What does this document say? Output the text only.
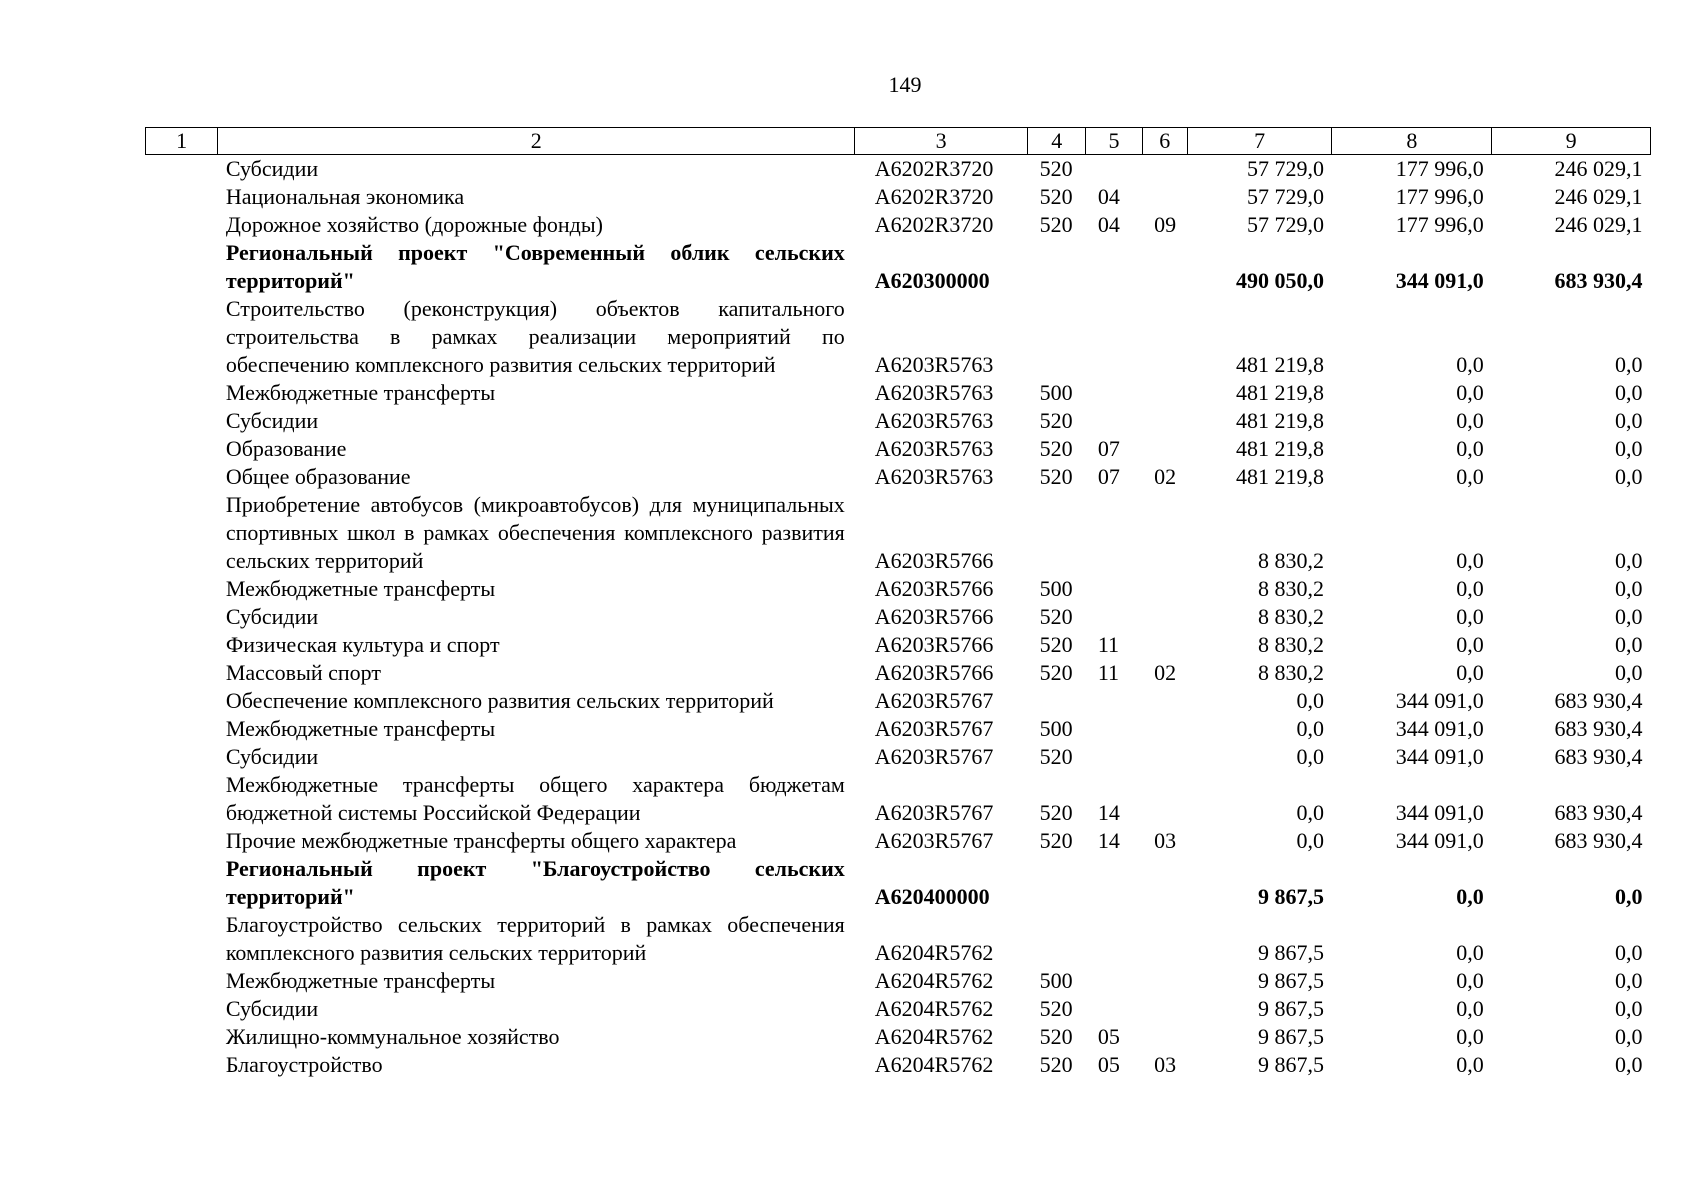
149
1	2	3	4	5	6	7	8	9
	Субсидии	А6202R3720	520			57 729,0	177 996,0	246 029,1
	Национальная экономика	А6202R3720	520	04		57 729,0	177 996,0	246 029,1
	Дорожное хозяйство (дорожные фонды)	А6202R3720	520	04	09	57 729,0	177 996,0	246 029,1
	Региональный проект "Современный облик сельских территорий"	А620300000				490 050,0	344 091,0	683 930,4
	Строительство (реконструкция) объектов капитального строительства в рамках реализации мероприятий по обеспечению комплексного развития сельских территорий	А6203R5763				481 219,8	0,0	0,0
	Межбюджетные трансферты	А6203R5763	500			481 219,8	0,0	0,0
	Субсидии	А6203R5763	520			481 219,8	0,0	0,0
	Образование	А6203R5763	520	07		481 219,8	0,0	0,0
	Общее образование	А6203R5763	520	07	02	481 219,8	0,0	0,0
	Приобретение автобусов (микроавтобусов) для муниципальных спортивных школ в рамках обеспечения комплексного развития сельских территорий	А6203R5766				8 830,2	0,0	0,0
	Межбюджетные трансферты	А6203R5766	500			8 830,2	0,0	0,0
	Субсидии	А6203R5766	520			8 830,2	0,0	0,0
	Физическая культура и спорт	А6203R5766	520	11		8 830,2	0,0	0,0
	Массовый спорт	А6203R5766	520	11	02	8 830,2	0,0	0,0
	Обеспечение комплексного развития сельских территорий	А6203R5767				0,0	344 091,0	683 930,4
	Межбюджетные трансферты	А6203R5767	500			0,0	344 091,0	683 930,4
	Субсидии	А6203R5767	520			0,0	344 091,0	683 930,4
	Межбюджетные трансферты общего характера бюджетам бюджетной системы Российской Федерации	А6203R5767	520	14		0,0	344 091,0	683 930,4
	Прочие межбюджетные трансферты общего характера	А6203R5767	520	14	03	0,0	344 091,0	683 930,4
	Региональный проект "Благоустройство сельских территорий"	А620400000				9 867,5	0,0	0,0
	Благоустройство сельских территорий в рамках обеспечения комплексного развития сельских территорий	А6204R5762				9 867,5	0,0	0,0
	Межбюджетные трансферты	А6204R5762	500			9 867,5	0,0	0,0
	Субсидии	А6204R5762	520			9 867,5	0,0	0,0
	Жилищно-коммунальное хозяйство	А6204R5762	520	05		9 867,5	0,0	0,0
	Благоустройство	А6204R5762	520	05	03	9 867,5	0,0	0,0
